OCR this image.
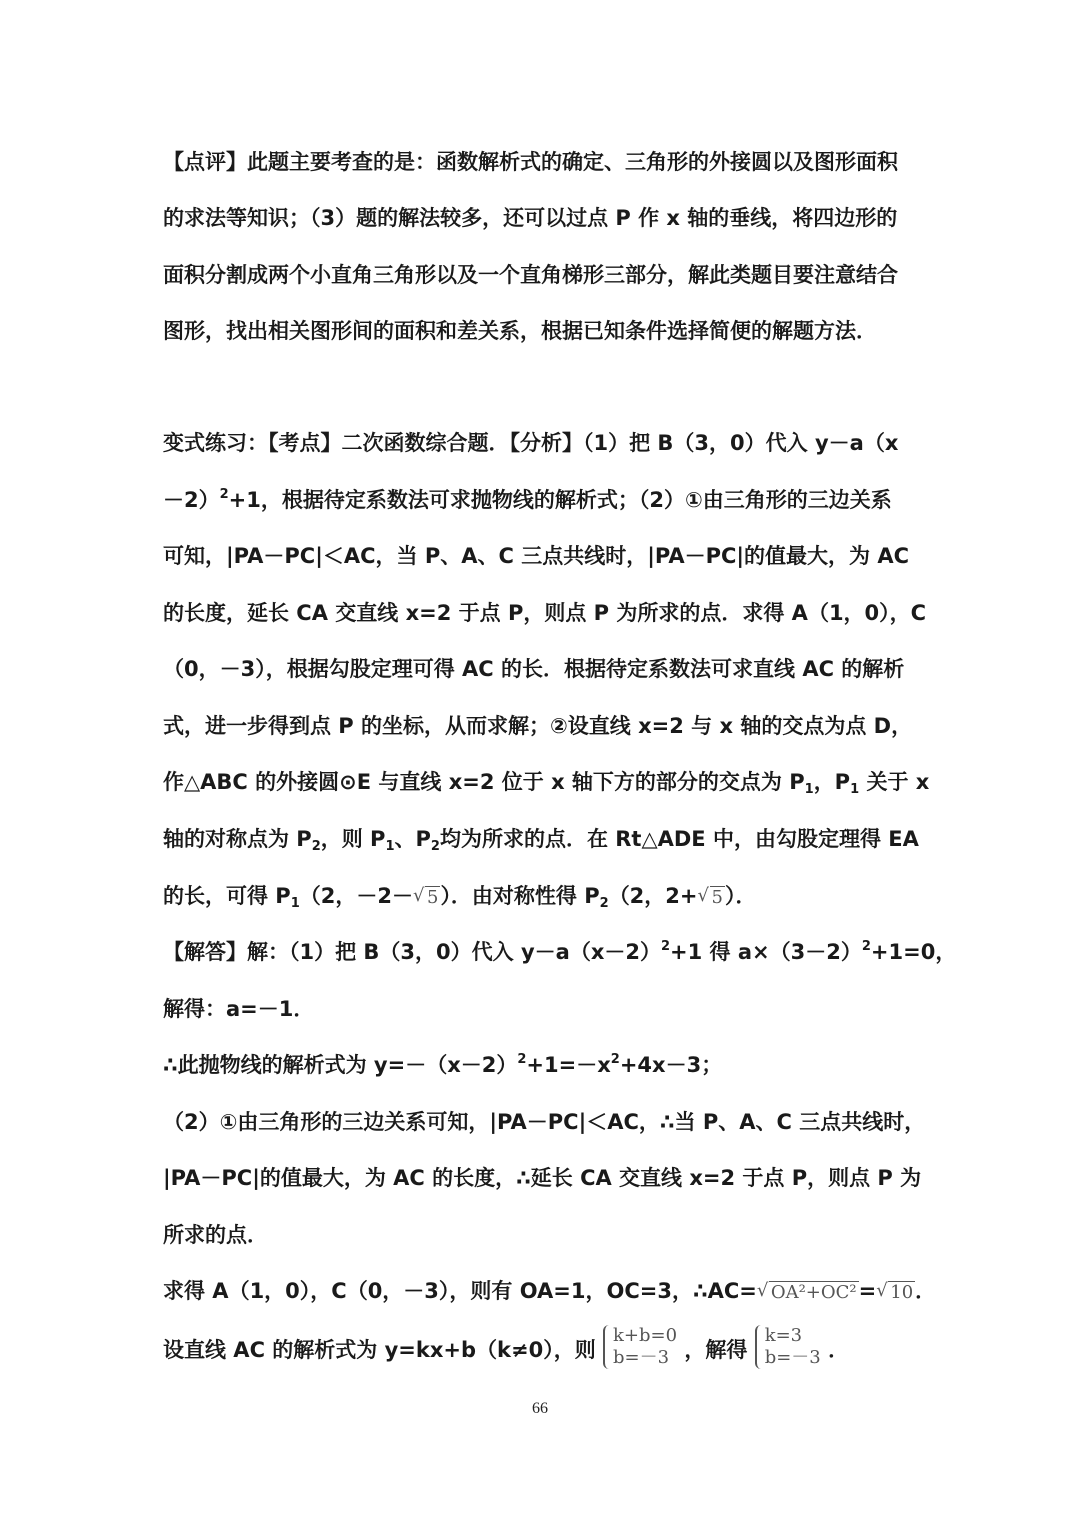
【点评】此题主要考查的是：函数解析式的确定、三角形的外接圆以及图形面积
的求法等知识；（3）题的解法较多，还可以过点 P 作 x 轴的垂线，将四边形的
面积分割成两个小直角三角形以及一个直角梯形三部分，解此类题目要注意结合
图形，找出相关图形间的面积和差关系，根据已知条件选择简便的解题方法．
变式练习：【考点】二次函数综合题．【分析】（1）把 B（3，0）代入 y－a（x
－2）$^2$+1，根据待定系数法可求抛物线的解析式；（2）①由三角形的三边关系
可知，|PA－PC|＜AC，当 P、A、C 三点共线时，|PA－PC|的值最大，为 AC
的长度，延长 CA 交直线 x=2 于点 P，则点 P 为所求的点．求得 A（1，0），C
（0，－3），根据勾股定理可得 AC 的长．根据待定系数法可求直线 AC 的解析
式，进一步得到点 P 的坐标，从而求解；②设直线 x=2 与 x 轴的交点为点 D，
作△ABC 的外接圆⊙E 与直线 x=2 位于 x 轴下方的部分的交点为 $P_1$，$P_1$ 关于 x
轴的对称点为 $P_2$，则 $P_1$、$P_2$均为所求的点．在 Rt△ADE 中，由勾股定理得 EA
的长，可得 $P_1(2$，－2－ √ 5）．由对称性得 $P_2(2$，2+ √ 5）．
【解答】解：（1）把 B（3，0）代入 $y-a(x-2)^2+1$ 得 $a\times(3-2)^2+1=0$，
解得：a=－1．
∴此抛物线的解析式为 $y=-(x-2)^2+1=-x^2+4x-3$；
（2）①由三角形的三边关系可知，|PA－PC|＜AC，∴当 P、A、C 三点共线时，
|PA－PC|的值最大，为 AC 的长度，∴延长 CA 交直线 x=2 于点 P，则点 P 为
所求的点．
求得 A（1，0），C（0，－3），则有 OA=1，OC=3，∴AC= √ OA²+OC²= √ 10．
设直线 AC 的解析式为 y=kx+b（k≠0），则
k+b=0
b=－3 ，解得
k=3
b=－3 ．
66
